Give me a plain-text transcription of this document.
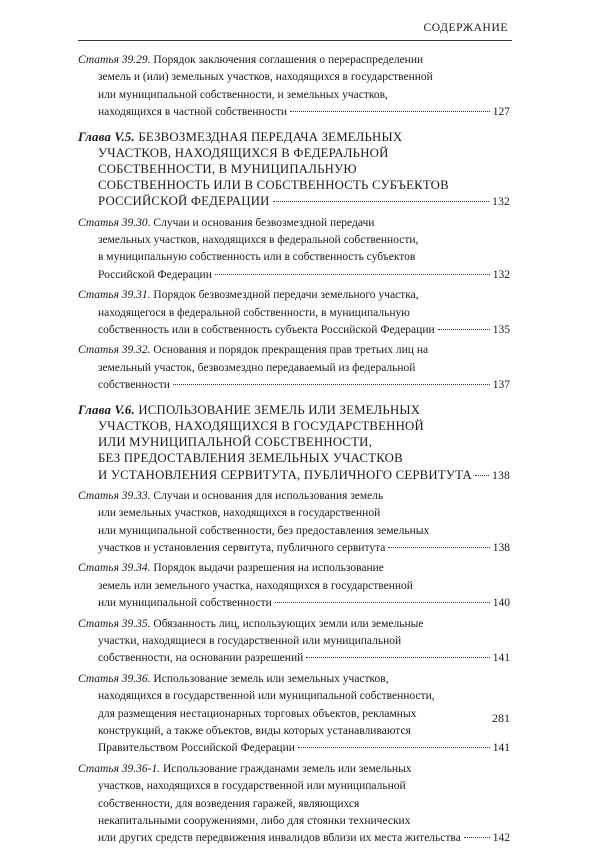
СОДЕРЖАНИЕ
Статья 39.29.
Порядок заключения соглашения о перераспределении
земель и (или) земельных участков, находящихся в государственной
или муниципальной собственности, и земельных участков,
находящихся в частной собственности	127
Глава V.5.
БЕЗВОЗМЕЗДНАЯ ПЕРЕДАЧА ЗЕМЕЛЬНЫХ
УЧАСТКОВ, НАХОДЯЩИХСЯ В ФЕДЕРАЛЬНОЙ
СОБСТВЕННОСТИ, В МУНИЦИПАЛЬНУЮ
СОБСТВЕННОСТЬ ИЛИ В СОБСТВЕННОСТЬ СУБЪЕКТОВ
РОССИЙСКОЙ ФЕДЕРАЦИИ	132
Статья 39.30.
Случаи и основания безвозмездной передачи
земельных участков, находящихся в федеральной собственности,
в муниципальную собственность или в собственность субъектов
Российской Федерации	132
Статья 39.31.
Порядок безвозмездной передачи земельного участка,
находящегося в федеральной собственности, в муниципальную
собственность или в собственность субъекта Российской Федерации	135
Статья 39.32.
Основания и порядок прекращения прав третьих лиц на
земельный участок, безвозмездно передаваемый из федеральной
собственности	137
Глава V.6.
ИСПОЛЬЗОВАНИЕ ЗЕМЕЛЬ ИЛИ ЗЕМЕЛЬНЫХ
УЧАСТКОВ, НАХОДЯЩИХСЯ В ГОСУДАРСТВЕННОЙ
ИЛИ МУНИЦИПАЛЬНОЙ СОБСТВЕННОСТИ,
БЕЗ ПРЕДОСТАВЛЕНИЯ ЗЕМЕЛЬНЫХ УЧАСТКОВ
И УСТАНОВЛЕНИЯ СЕРВИТУТА, ПУБЛИЧНОГО СЕРВИТУТА 138
Статья 39.33.
Случаи и основания для использования земель
или земельных участков, находящихся в государственной
или муниципальной собственности, без предоставления земельных
участков и установления сервитута, публичного сервитута	138
Статья 39.34.
Порядок выдачи разрешения на использование
земель или земельного участка, находящихся в государственной
или муниципальной собственности	140
Статья 39.35.
Обязанность лиц, использующих земли или земельные
участки, находящиеся в государственной или муниципальной
собственности, на основании разрешений	141
Статья 39.36.
Использование земель или земельных участков,
находящихся в государственной или муниципальной собственности,
для размещения нестационарных торговых объектов, рекламных
конструкций, а также объектов, виды которых устанавливаются
Правительством Российской Федерации	141
Статья 39.36-1.
Использование гражданами земель или земельных
участков, находящихся в государственной или муниципальной
собственности, для возведения гаражей, являющихся
некапитальными сооружениями, либо для стоянки технических
или других средств передвижения инвалидов вблизи их места жительства	142
281
